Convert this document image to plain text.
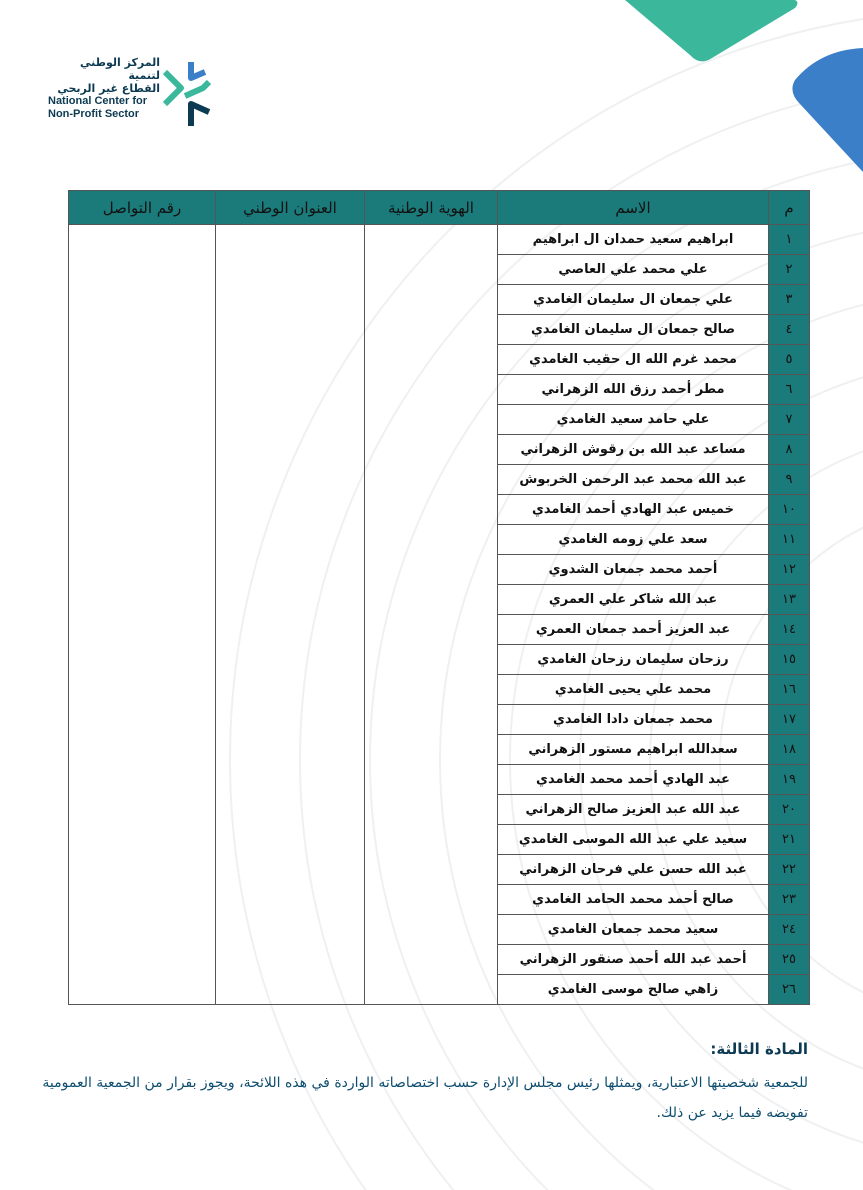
المركز الوطني لتنمية
القطاع غير الربحي
National Center for
Non-Profit Sector
م	الاسم	الهوية الوطنية	العنوان الوطني	رقم التواصل
١	ابراهيم سعيد حمدان ال ابراهيم			
٢	علي محمد علي العاصي			
٣	علي جمعان ال سليمان الغامدي			
٤	صالح جمعان ال سليمان الغامدي			
٥	محمد غرم الله ال حقيب الغامدي			
٦	مطر أحمد رزق الله الزهراني			
٧	علي حامد سعيد الغامدي			
٨	مساعد عبد الله بن رقوش الزهراني			
٩	عبد الله محمد عبد الرحمن الخربوش			
١٠	خميس عبد الهادي أحمد الغامدي			
١١	سعد علي زومه الغامدي			
١٢	أحمد محمد جمعان الشدوي			
١٣	عبد الله شاكر علي العمري			
١٤	عبد العزيز أحمد جمعان العمري			
١٥	رزحان سليمان رزحان الغامدي			
١٦	محمد علي يحيى الغامدي			
١٧	محمد جمعان دادا الغامدي			
١٨	سعدالله ابراهيم مستور الزهراني			
١٩	عبد الهادي أحمد محمد الغامدي			
٢٠	عبد الله عبد العزيز صالح الزهراني			
٢١	سعيد علي عبد الله الموسى الغامدي			
٢٢	عبد الله حسن علي فرحان الزهراني			
٢٣	صالح أحمد محمد الحامد الغامدي			
٢٤	سعيد محمد جمعان الغامدي			
٢٥	أحمد عبد الله أحمد صنقور الزهراني			
٢٦	زاهي صالح موسى الغامدي			

المادة الثالثة:

للجمعية شخصيتها الاعتبارية، ويمثلها رئيس مجلس الإدارة حسب اختصاصاته الواردة في هذه اللائحة، ويجوز بقرار من الجمعية العمومية تفويضه فيما يزيد عن ذلك.
